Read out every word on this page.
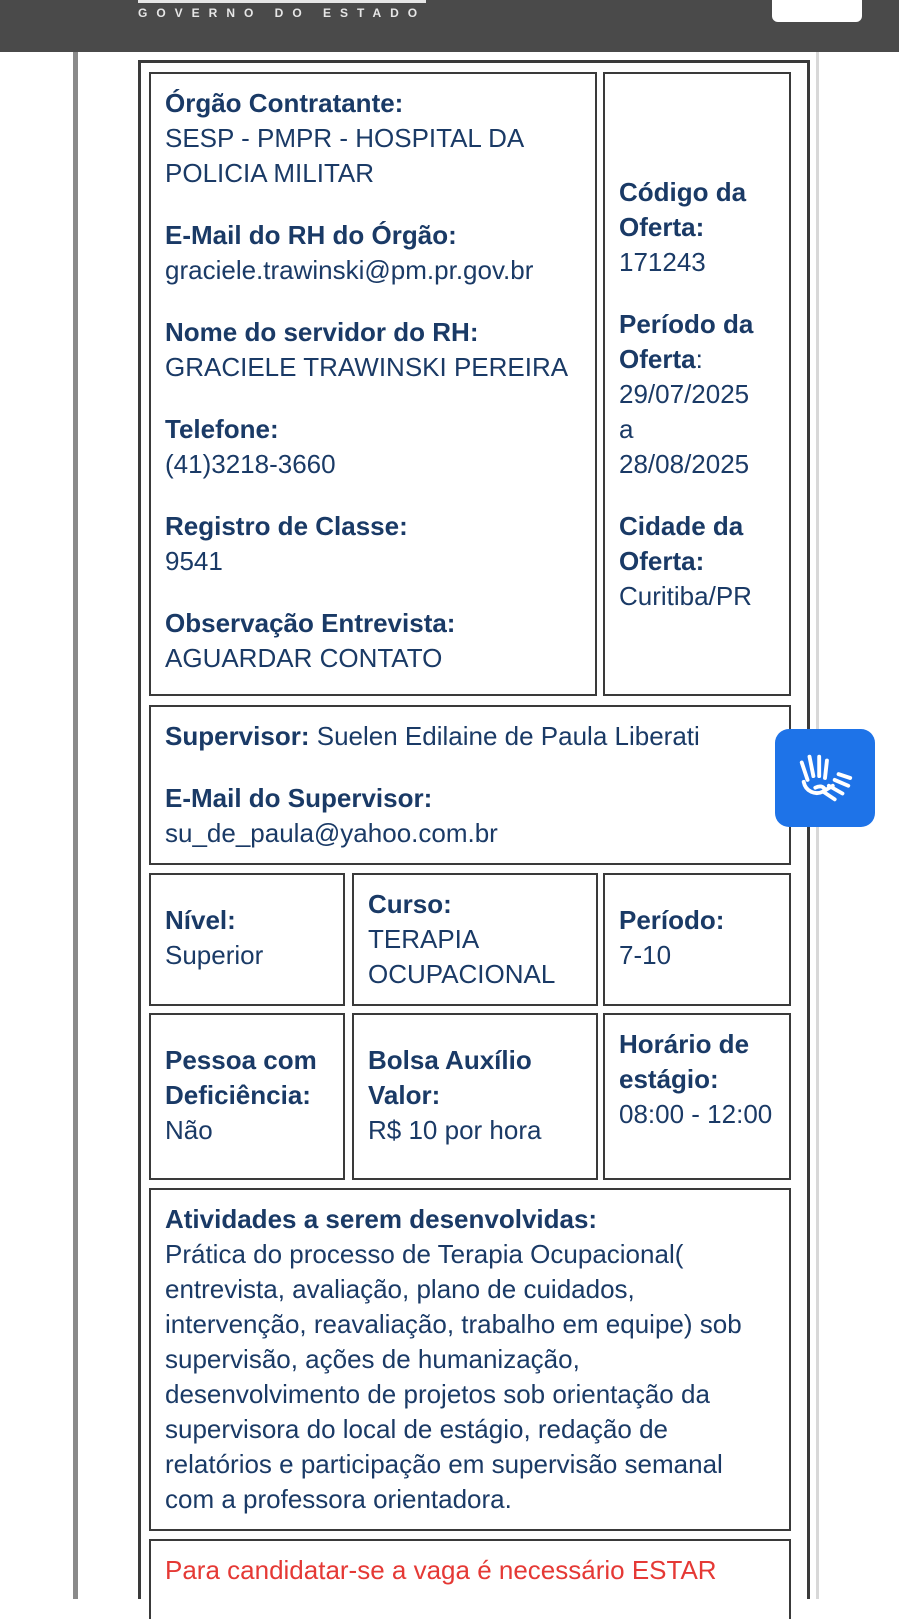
GOVERNO DO ESTADO
Órgão Contratante:
SESP - PMPR - HOSPITAL DA POLICIA MILITAR
E-Mail do RH do Órgão:
graciele.trawinski@pm.pr.gov.br
Nome do servidor do RH:
GRACIELE TRAWINSKI PEREIRA
Telefone:
(41)3218-3660
Registro de Classe:
9541
Observação Entrevista:
AGUARDAR CONTATO
Código da Oferta:
171243
Período da Oferta:
29/07/2025
a
28/08/2025
Cidade da Oferta:
Curitiba/PR
Supervisor: Suelen Edilaine de Paula Liberati
E-Mail do Supervisor:
su_de_paula@yahoo.com.br
Nível:
Superior
Curso:
TERAPIA OCUPACIONAL
Período:
7-10
Pessoa com Deficiência:
Não
Bolsa Auxílio Valor:
R$ 10 por hora
Horário de estágio:
08:00 - 12:00
Atividades a serem desenvolvidas:
Prática do processo de Terapia Ocupacional( entrevista, avaliação, plano de cuidados, intervenção, reavaliação, trabalho em equipe) sob supervisão, ações de humanização, desenvolvimento de projetos sob orientação da supervisora do local de estágio, redação de relatórios e participação em supervisão semanal com a professora orientadora.
Para candidatar-se a vaga é necessário ESTAR
